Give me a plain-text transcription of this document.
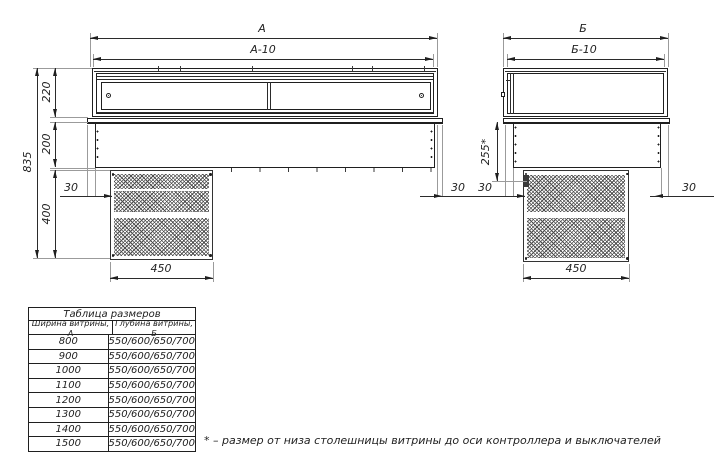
А
А-10
450
835
220
200
400
30	30
Б
Б-10
255*
30	30
450
Таблица размеров
Ширина витрины, А
Глубина витрины, Б
800	550/600/650/700
900	550/600/650/700
1000	550/600/650/700
1100	550/600/650/700
1200	550/600/650/700
1300	550/600/650/700
1400	550/600/650/700
1500	550/600/650/700 * – размер от низа столешницы витрины до оси контроллера и выключателей
